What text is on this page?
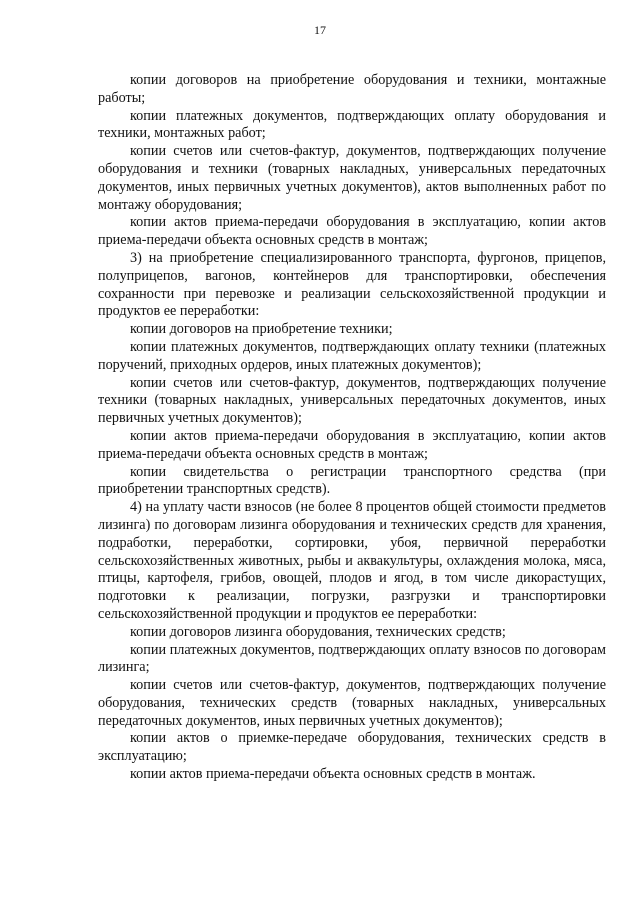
17

копии договоров на приобретение оборудования и техники, монтажные работы;

копии платежных документов, подтверждающих оплату оборудования и техники, монтажных работ;

копии счетов или счетов-фактур, документов, подтверждающих получение оборудования и техники (товарных накладных, универсальных передаточных документов, иных первичных учетных документов), актов выполненных работ по монтажу оборудования;

копии актов приема-передачи оборудования в эксплуатацию, копии актов приема-передачи объекта основных средств в монтаж;

3) на приобретение специализированного транспорта, фургонов, прицепов, полуприцепов, вагонов, контейнеров для транспортировки, обеспечения сохранности при перевозке и реализации сельскохозяйственной продукции и продуктов ее переработки:

копии договоров на приобретение техники;

копии платежных документов, подтверждающих оплату техники (платежных поручений, приходных ордеров, иных платежных документов);

копии счетов или счетов-фактур, документов, подтверждающих получение техники (товарных накладных, универсальных передаточных документов, иных первичных учетных документов);

копии актов приема-передачи оборудования в эксплуатацию, копии актов приема-передачи объекта основных средств в монтаж;

копии свидетельства о регистрации транспортного средства (при приобретении транспортных средств).

4) на уплату части взносов (не более 8 процентов общей стоимости предметов лизинга) по договорам лизинга оборудования и технических средств для хранения, подработки, переработки, сортировки, убоя, первичной переработки сельскохозяйственных животных, рыбы и аквакультуры, охлаждения молока, мяса, птицы, картофеля, грибов, овощей, плодов и ягод, в том числе дикорастущих, подготовки к реализации, погрузки, разгрузки и транспортировки сельскохозяйственной продукции и продуктов ее переработки:

копии договоров лизинга оборудования, технических средств;

копии платежных документов, подтверждающих оплату взносов по договорам лизинга;

копии счетов или счетов-фактур, документов, подтверждающих получение оборудования, технических средств (товарных накладных, универсальных передаточных документов, иных первичных учетных документов);

копии актов о приемке-передаче оборудования, технических средств в эксплуатацию;

копии актов приема-передачи объекта основных средств в монтаж.
